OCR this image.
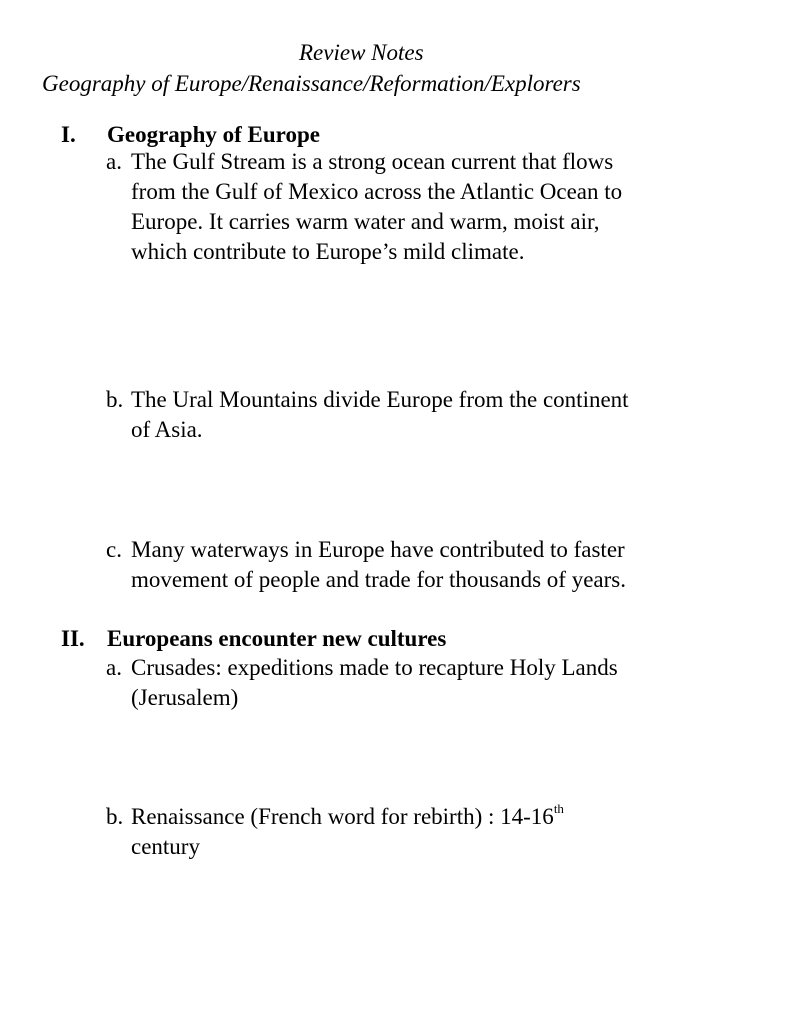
Review Notes
Geography of Europe/Renaissance/Reformation/Explorers
I. Geography of Europe
a. The Gulf Stream is a strong ocean current that flows
from the Gulf of Mexico across the Atlantic Ocean to
Europe. It carries warm water and warm, moist air,
which contribute to Europe’s mild climate.
b. The Ural Mountains divide Europe from the continent
of Asia.
c. Many waterways in Europe have contributed to faster
movement of people and trade for thousands of years.
II. Europeans encounter new cultures
a. Crusades: expeditions made to recapture Holy Lands
(Jerusalem)
b. Renaissance (French word for rebirth) : 14-16th
century
